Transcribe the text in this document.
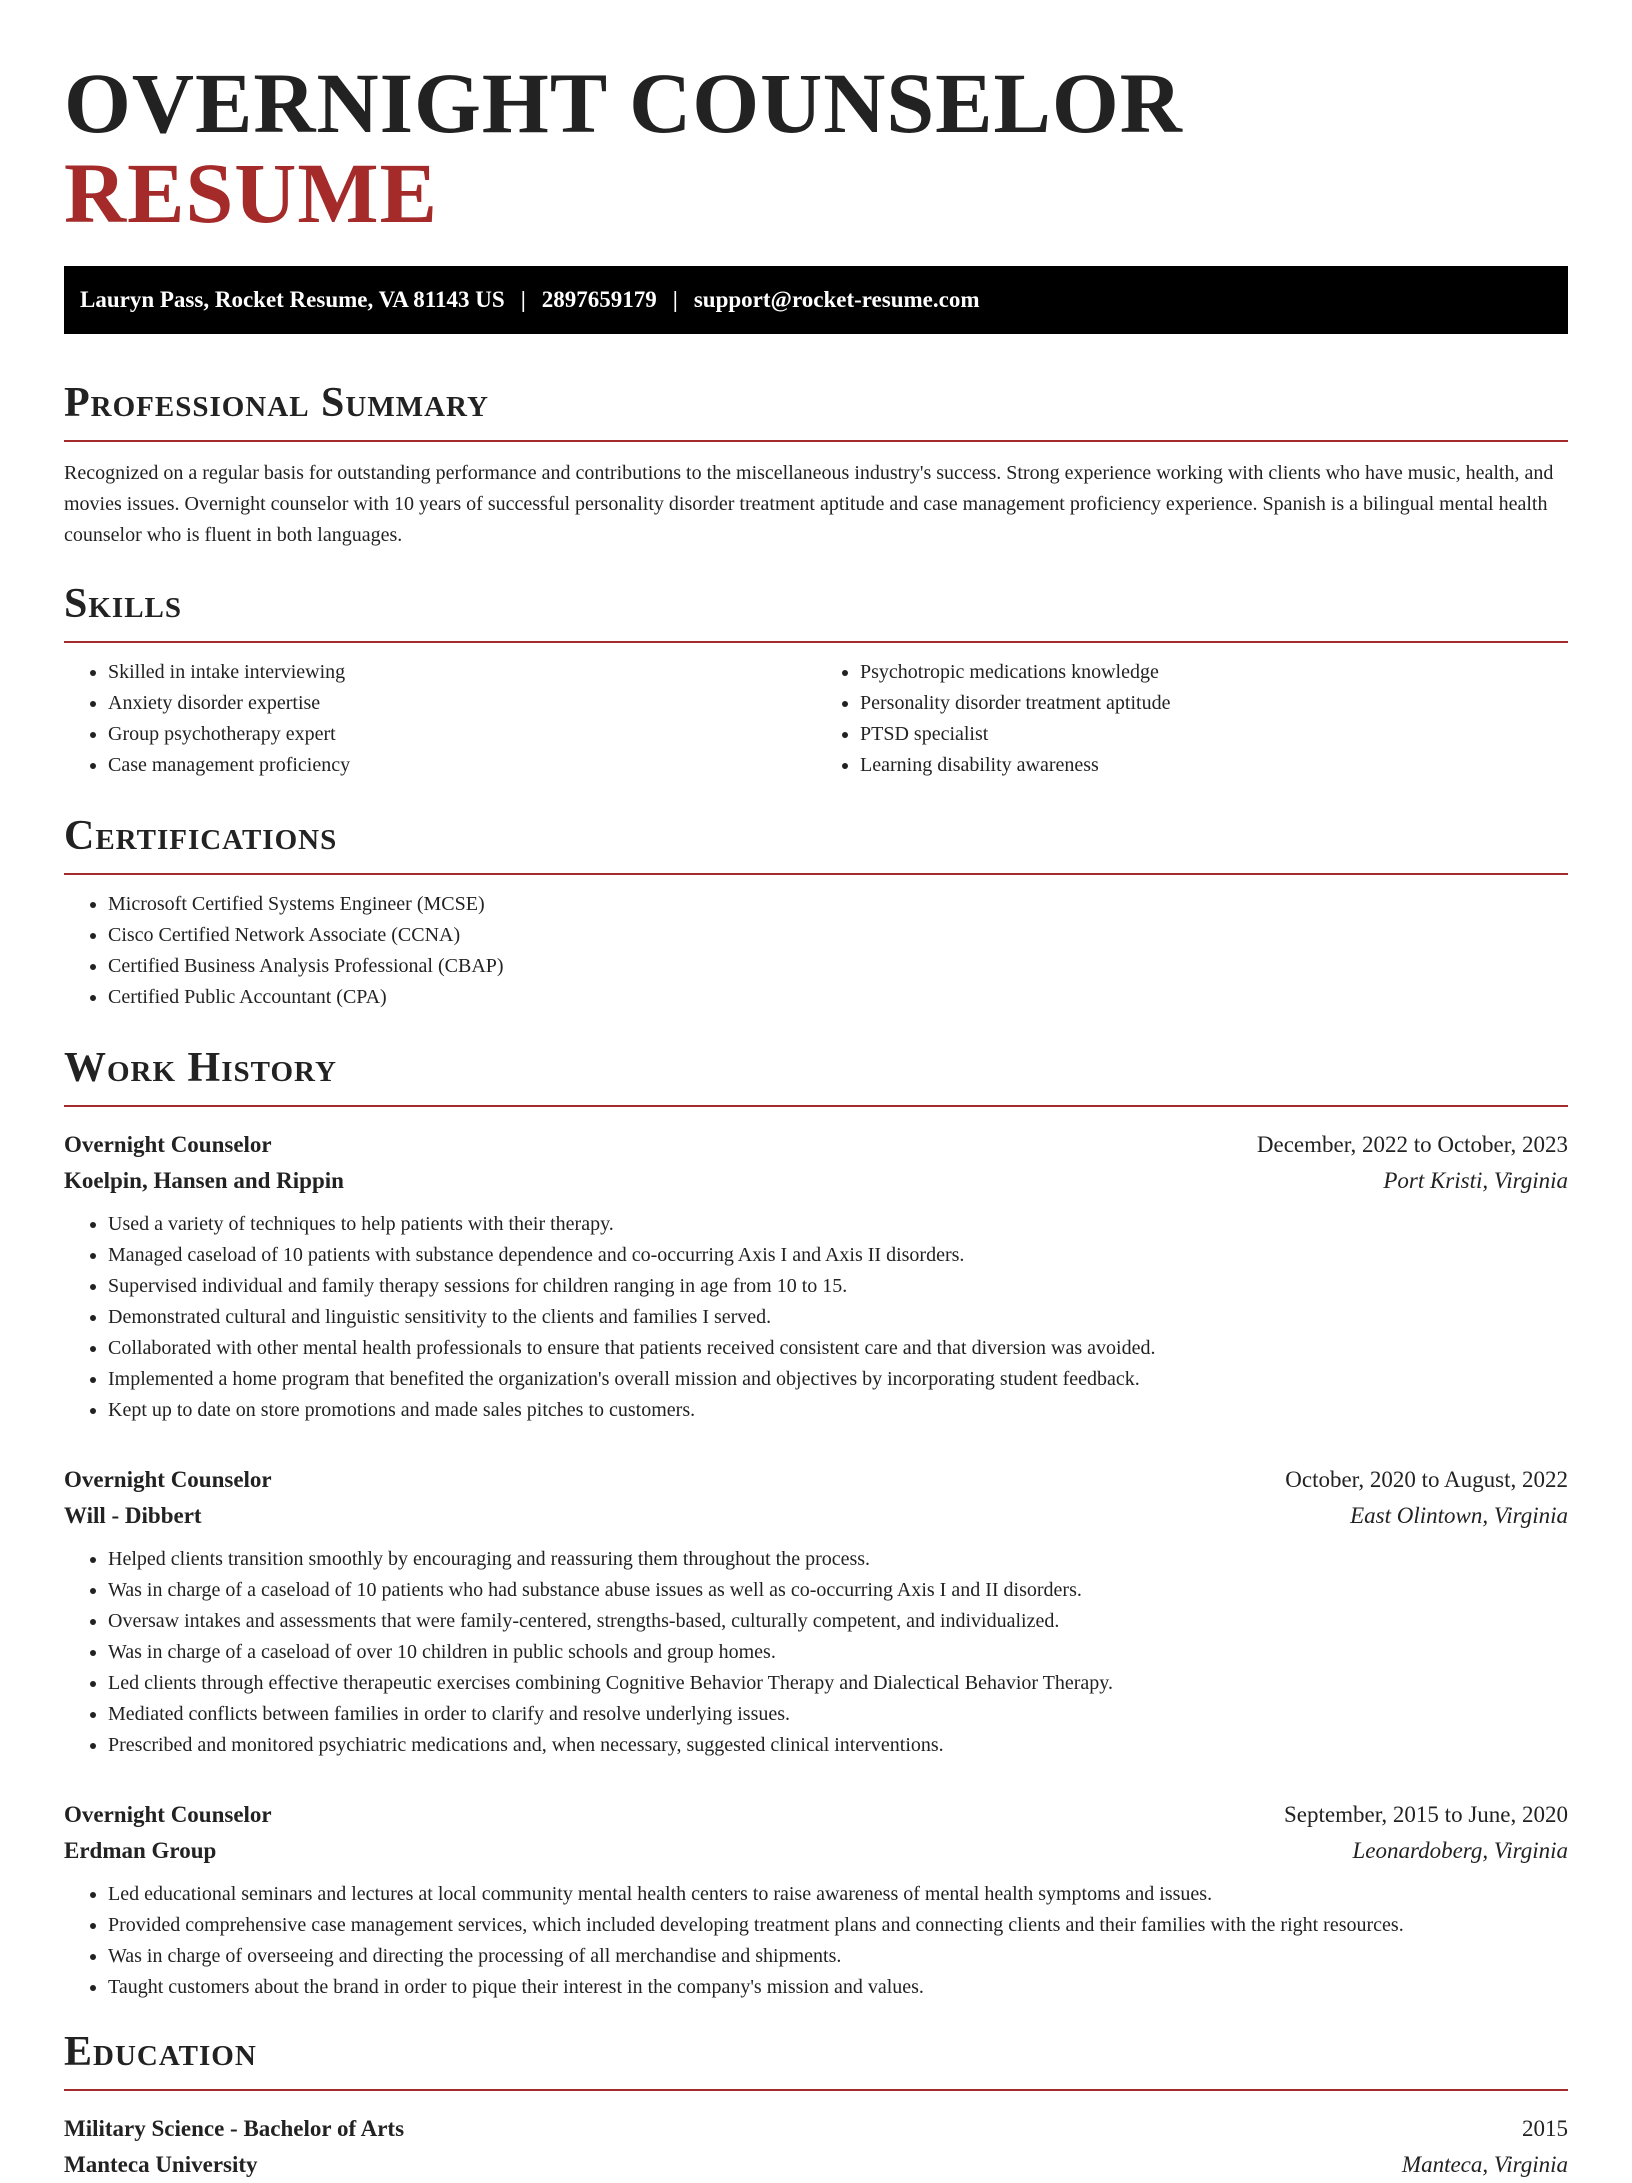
OVERNIGHT COUNSELOR RESUME
Lauryn Pass, Rocket Resume, VA 81143 US | 2897659179 | support@rocket-resume.com
Professional Summary

Recognized on a regular basis for outstanding performance and contributions to the miscellaneous industry's success. Strong experience working with clients who have music, health, and movies issues. Overnight counselor with 10 years of successful personality disorder treatment aptitude and case management proficiency experience. Spanish is a bilingual mental health counselor who is fluent in both languages.

Skills
• Skilled in intake interviewing
• Anxiety disorder expertise
• Group psychotherapy expert
• Case management proficiency
• Psychotropic medications knowledge
• Personality disorder treatment aptitude
• PTSD specialist
• Learning disability awareness
Certifications
• Microsoft Certified Systems Engineer (MCSE)
• Cisco Certified Network Associate (CCNA)
• Certified Business Analysis Professional (CBAP)
• Certified Public Accountant (CPA)
Work History
Overnight Counselor	December, 2022 to October, 2023
Koelpin, Hansen and Rippin	Port Kristi, Virginia
• Used a variety of techniques to help patients with their therapy.
• Managed caseload of 10 patients with substance dependence and co-occurring Axis I and Axis II disorders.
• Supervised individual and family therapy sessions for children ranging in age from 10 to 15.
• Demonstrated cultural and linguistic sensitivity to the clients and families I served.
• Collaborated with other mental health professionals to ensure that patients received consistent care and that diversion was avoided.
• Implemented a home program that benefited the organization's overall mission and objectives by incorporating student feedback.
• Kept up to date on store promotions and made sales pitches to customers.
Overnight Counselor	October, 2020 to August, 2022
Will - Dibbert	East Olintown, Virginia
• Helped clients transition smoothly by encouraging and reassuring them throughout the process.
• Was in charge of a caseload of 10 patients who had substance abuse issues as well as co-occurring Axis I and II disorders.
• Oversaw intakes and assessments that were family-centered, strengths-based, culturally competent, and individualized.
• Was in charge of a caseload of over 10 children in public schools and group homes.
• Led clients through effective therapeutic exercises combining Cognitive Behavior Therapy and Dialectical Behavior Therapy.
• Mediated conflicts between families in order to clarify and resolve underlying issues.
• Prescribed and monitored psychiatric medications and, when necessary, suggested clinical interventions.
Overnight Counselor	September, 2015 to June, 2020
Erdman Group	Leonardoberg, Virginia
• Led educational seminars and lectures at local community mental health centers to raise awareness of mental health symptoms and issues.
• Provided comprehensive case management services, which included developing treatment plans and connecting clients and their families with the right resources.
• Was in charge of overseeing and directing the processing of all merchandise and shipments.
• Taught customers about the brand in order to pique their interest in the company's mission and values.
Education
Military Science - Bachelor of Arts	2015
Manteca University	Manteca, Virginia
